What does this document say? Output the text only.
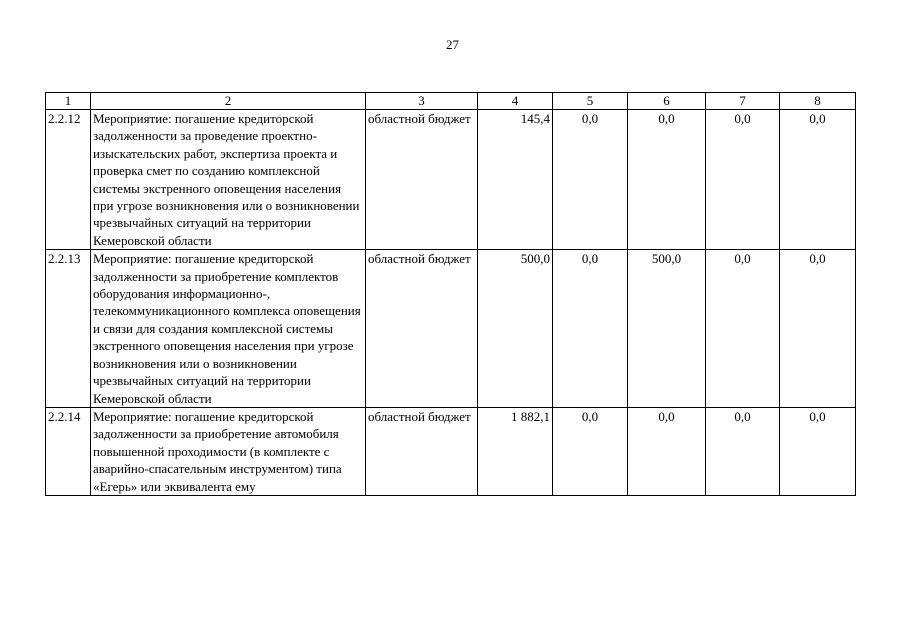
27
1	2	3	4	5	6	7	8
2.2.12	Мероприятие: погашение кредиторской задолженности за проведение проектно-изыскательских работ, экспертиза проекта и проверка смет по созданию комплексной системы экстренного оповещения населения при угрозе возникновения или о возникновении чрезвычайных ситуаций на территории Кемеровской области	областной бюджет	145,4	0,0	0,0	0,0	0,0
2.2.13	Мероприятие: погашение кредиторской задолженности за приобретение комплектов оборудования информационно-, телекоммуникационного комплекса оповещения и связи для создания комплексной системы экстренного оповещения населения при угрозе возникновения или о возникновении чрезвычайных ситуаций на территории Кемеровской области	областной бюджет	500,0	0,0	500,0	0,0	0,0
2.2.14	Мероприятие: погашение кредиторской задолженности за приобретение автомобиля повышенной проходимости (в комплекте с аварийно-спасательным инструментом) типа «Егерь» или эквивалента ему	областной бюджет	1 882,1	0,0	0,0	0,0	0,0
